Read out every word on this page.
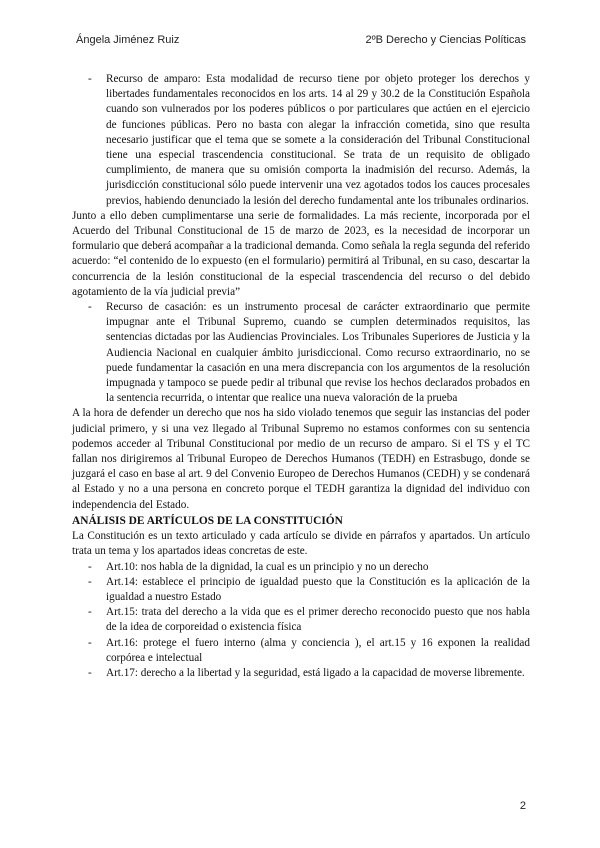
Ángela Jiménez Ruiz	2ºB Derecho y Ciencias Políticas
- Recurso de amparo: Esta modalidad de recurso tiene por objeto proteger los derechos y libertades fundamentales reconocidos en los arts. 14 al 29 y 30.2 de la Constitución Española cuando son vulnerados por los poderes públicos o por particulares que actúen en el ejercicio de funciones públicas. Pero no basta con alegar la infracción cometida, sino que resulta necesario justificar que el tema que se somete a la consideración del Tribunal Constitucional tiene una especial trascendencia constitucional. Se trata de un requisito de obligado cumplimiento, de manera que su omisión comporta la inadmisión del recurso. Además, la jurisdicción constitucional sólo puede intervenir una vez agotados todos los cauces procesales previos, habiendo denunciado la lesión del derecho fundamental ante los tribunales ordinarios.
Junto a ello deben cumplimentarse una serie de formalidades. La más reciente, incorporada por el Acuerdo del Tribunal Constitucional de 15 de marzo de 2023, es la necesidad de incorporar un formulario que deberá acompañar a la tradicional demanda. Como señala la regla segunda del referido acuerdo: “el contenido de lo expuesto (en el formulario) permitirá al Tribunal, en su caso, descartar la concurrencia de la lesión constitucional de la especial trascendencia del recurso o del debido agotamiento de la vía judicial previa”
- Recurso de casación: es un instrumento procesal de carácter extraordinario que permite impugnar ante el Tribunal Supremo, cuando se cumplen determinados requisitos, las sentencias dictadas por las Audiencias Provinciales. Los Tribunales Superiores de Justicia y la Audiencia Nacional en cualquier ámbito jurisdiccional. Como recurso extraordinario, no se puede fundamentar la casación en una mera discrepancia con los argumentos de la resolución impugnada y tampoco se puede pedir al tribunal que revise los hechos declarados probados en la sentencia recurrida, o intentar que realice una nueva valoración de la prueba
A la hora de defender un derecho que nos ha sido violado tenemos que seguir las instancias del poder judicial primero, y si una vez llegado al Tribunal Supremo no estamos conformes con su sentencia podemos acceder al Tribunal Constitucional por medio de un recurso de amparo. Si el TS y el TC fallan nos dirigiremos al Tribunal Europeo de Derechos Humanos (TEDH) en Estrasbugo, donde se juzgará el caso en base al art. 9 del Convenio Europeo de Derechos Humanos (CEDH) y se condenará al Estado y no a una persona en concreto porque el TEDH garantiza la dignidad del individuo con independencia del Estado.
ANÁLISIS DE ARTÍCULOS DE LA CONSTITUCIÓN
La Constitución es un texto articulado y cada artículo se divide en párrafos y apartados. Un artículo trata un tema y los apartados ideas concretas de este.
- Art.10: nos habla de la dignidad, la cual es un principio y no un derecho
- Art.14: establece el principio de igualdad puesto que la Constitución es la aplicación de la igualdad a nuestro Estado
- Art.15: trata del derecho a la vida que es el primer derecho reconocido puesto que nos habla de la idea de corporeidad o existencia física
- Art.16: protege el fuero interno (alma y conciencia ), el art.15 y 16 exponen la realidad corpórea e intelectual
- Art.17: derecho a la libertad y la seguridad, está ligado a la capacidad de moverse libremente.
2
